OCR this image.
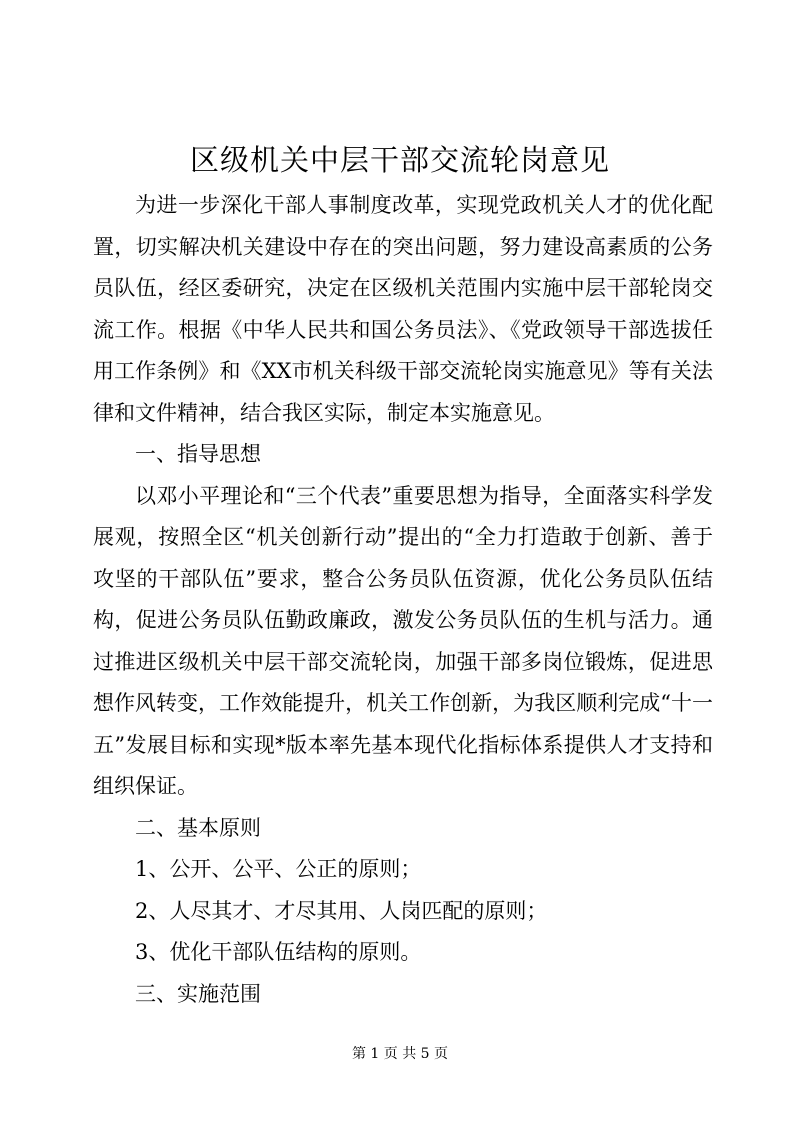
区级机关中层干部交流轮岗意见

为进一步深化干部人事制度改革，实现党政机关人才的优化配置，切实解决机关建设中存在的突出问题，努力建设高素质的公务员队伍，经区委研究，决定在区级机关范围内实施中层干部轮岗交流工作。根据《中华人民共和国公务员法》、《党政领导干部选拔任用工作条例》和《XX市机关科级干部交流轮岗实施意见》等有关法律和文件精神，结合我区实际，制定本实施意见。

一、指导思想

以邓小平理论和“三个代表”重要思想为指导，全面落实科学发展观，按照全区“机关创新行动”提出的“全力打造敢于创新、善于攻坚的干部队伍”要求，整合公务员队伍资源，优化公务员队伍结构，促进公务员队伍勤政廉政，激发公务员队伍的生机与活力。通过推进区级机关中层干部交流轮岗，加强干部多岗位锻炼，促进思想作风转变，工作效能提升，机关工作创新，为我区顺利完成“十一五”发展目标和实现*版本率先基本现代化指标体系提供人才支持和组织保证。

二、基本原则

1、公开、公平、公正的原则；

2、人尽其才、才尽其用、人岗匹配的原则；

3、优化干部队伍结构的原则。

三、实施范围

第 1 页 共 5 页
